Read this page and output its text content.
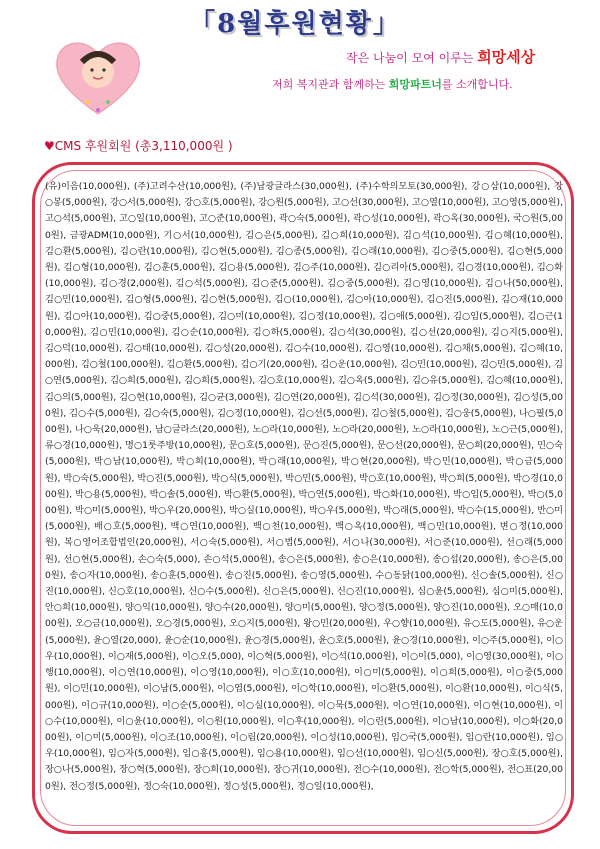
「8월후원현황」
작은 나눔이 모여 이루는 희망세상
저희 복지관과 함께하는 희망파트너를 소개합니다.
♥CMS 후원회원 (총3,110,000원 )
(유)이음(10,000원), (주)고려수산(10,000원), (주)남광글라스(30,000원), (주)수학의모토(30,000원), 강○삼(10,000원), 강○봉(5,000원), 강○서(5,000원), 강○호(5,000원), 강○원(5,000원), 고○선(30,000원), 고○열(10,000원), 고○영(5,000원), 고○석(5,000원), 고○일(10,000원), 고○준(10,000원), 곽○숙(5,000원), 곽○성(10,000원), 곽○옥(30,000원), 국○원(5,000원), 금광ADM(10,000원), 기○서(10,000원), 김○은(5,000원), 김○희(10,000원), 김○석(10,000원), 김○혜(10,000원), 김○환(5,000원), 김○란(10,000원), 김○현(5,000원), 김○종(5,000원), 김○래(10,000원), 김○중(5,000원), 김○현(5,000원), 김○형(10,000원), 김○훈(5,000원), 김○용(5,000원), 김○주(10,000원), 김○리아(5,000원), 김○경(10,000원), 김○화(10,000원), 김○경(2,000원), 김○석(5,000원), 김○준(5,000원), 김○중(5,000원), 김○영(10,000원), 김○나(50,000원), 김○민(10,000원), 김○형(5,000원), 김○현(5,000원), 김○(10,000원), 김○아(10,000원), 김○진(5,000원), 김○재(10,000원), 김○아(10,000원), 김○중(5,000원), 김○미(10,000원), 김○정(10,000원), 김○애(5,000원), 김○임(5,000원), 김○근(10,000원), 김○민(10,000원), 김○순(10,000원), 김○하(5,000원), 김○석(30,000원), 김○선(20,000원), 김○지(5,000원), 김○덕(10,000원), 김○태(10,000원), 김○성(20,000원), 김○수(10,000원), 김○영(10,000원), 김○채(5,000원), 김○혜(10,000원), 김○철(100,000원), 김○환(5,000원), 김○기(20,000원), 김○운(10,000원), 김○민(10,000원), 김○민(5,000원), 김○연(5,000원), 김○희(5,000원), 김○희(5,000원), 김○호(10,000원), 김○옥(5,000원), 김○유(5,000원), 김○혜(10,000원), 김○의(5,000원), 김○현(10,000원), 김○균(3,000원), 김○연(20,000원), 김○석(30,000원), 김○정(30,000원), 김○성(5,000원), 김○수(5,000원), 김○숙(5,000원), 김○정(10,000원), 김○선(5,000원), 김○철(5,000원), 김○웅(5,000원), 나○필(5,000원), 나○욱(20,000원), 남○글라스(20,000원), 노○라(10,000원), 노○라(20,000원), 노○라(10,000원), 노○근(5,000원), 류○경(10,000원), 명○1룻주방(10,000원), 문○호(5,000원), 문○진(5,000원), 문○선(20,000원), 문○희(20,000원), 민○숙(5,000원), 박○남(10,000원), 박○희(10,000원), 박○래(10,000원), 박○현(20,000원), 박○민(10,000원), 박○금(5,000원), 박○숙(5,000원), 박○진(5,000원), 박○식(5,000원), 박○민(5,000원), 박○호(10,000원), 박○희(5,000원), 박○경(10,000원), 박○용(5,000원), 박○솔(5,000원), 박○환(5,000원), 박○연(5,000원), 박○화(10,000원), 박○임(5,000원), 박○(5,000원), 박○미(5,000원), 박○우(20,000원), 박○실(10,000원), 박○우(5,000원), 박○래(5,000원), 박○수(15,000원), 반○미(5,000원), 배○호(5,000원), 백○연(10,000원), 백○천(10,000원), 백○옥(10,000원), 백○민(10,000원), 변○정(10,000원), 복○영어조합법인(20,000원), 서○숙(5,000원), 서○범(5,000원), 서○나(30,000원), 서○준(10,000원), 선○래(5,000원), 선○현(5,000원), 손○숙(5,000), 손○석(5,000원), 송○은(5,000원), 송○은(10,000원), 송○섭(20,000원), 송○은(5,000원), 송○자(10,000원), 송○훈(5,000원), 송○진(5,000원), 송○영(5,000원), 수○동닭(100,000원), 신○솔(5,000원), 신○진(10,000원), 신○호(10,000원), 신○수(5,000원), 신○은(5,000원), 신○진(10,000원), 심○윤(5,000원), 심○미(5,000원), 안○희(10,000원), 양○익(10,000원), 양○수(20,000원), 양○미(5,000원), 양○정(5,000원), 양○진(10,000원), 오○매(10,000원), 오○금(10,000원), 오○경(5,000원), 오○지(5,000원), 왕○민(20,000원), 우○향(10,000원), 유○도(5,000원), 유○운(5,000원), 윤○열(20,000), 윤○순(10,000원), 윤○경(5,000원), 윤○호(5,000원), 윤○경(10,000원), 이○주(5,000원), 이○우(10,000원), 이○재(5,000원), 이○오(5,000), 이○혁(5,000원), 이○석(10,000원), 이○이(5,000), 이○영(30,000원), 이○행(10,000원), 이○연(10,000원), 이○영(10,000원), 이○호(10,000원), 이○미(5,000원), 이○희(5,000원), 이○중(5,000원), 이○민(10,000원), 이○남(5,000원), 이○엽(5,000원), 이○학(10,000원), 이○환(5,000원), 이○환(10,000원), 이○식(5,000원), 이○규(10,000원), 이○순(5,000원), 이○실(10,000원), 이○묵(5,000원), 이○연(10,000원), 이○현(10,000원), 이○수(10,000원), 이○윤(10,000원), 이○원(10,000원), 이○후(10,000원), 이○린(5,000원), 이○남(10,000원), 이○화(20,000원), 이○미(5,000원), 이○조(10,000원), 이○림(20,000원), 이○성(10,000원), 임○국(5,000원), 임○란(10,000원), 임○우(10,000원), 임○자(5,000원), 임○홍(5,000원), 임○용(10,000원), 임○선(10,000원), 임○신(5,000원), 장○호(5,000원), 장○나(5,000원), 장○혁(5,000원), 장○희(10,000원), 장○귀(10,000원), 전○수(10,000원), 전○학(5,000원), 전○표(20,000원), 전○정(5,000원), 정○숙(10,000원), 정○성(5,000원), 정○일(10,000원),
